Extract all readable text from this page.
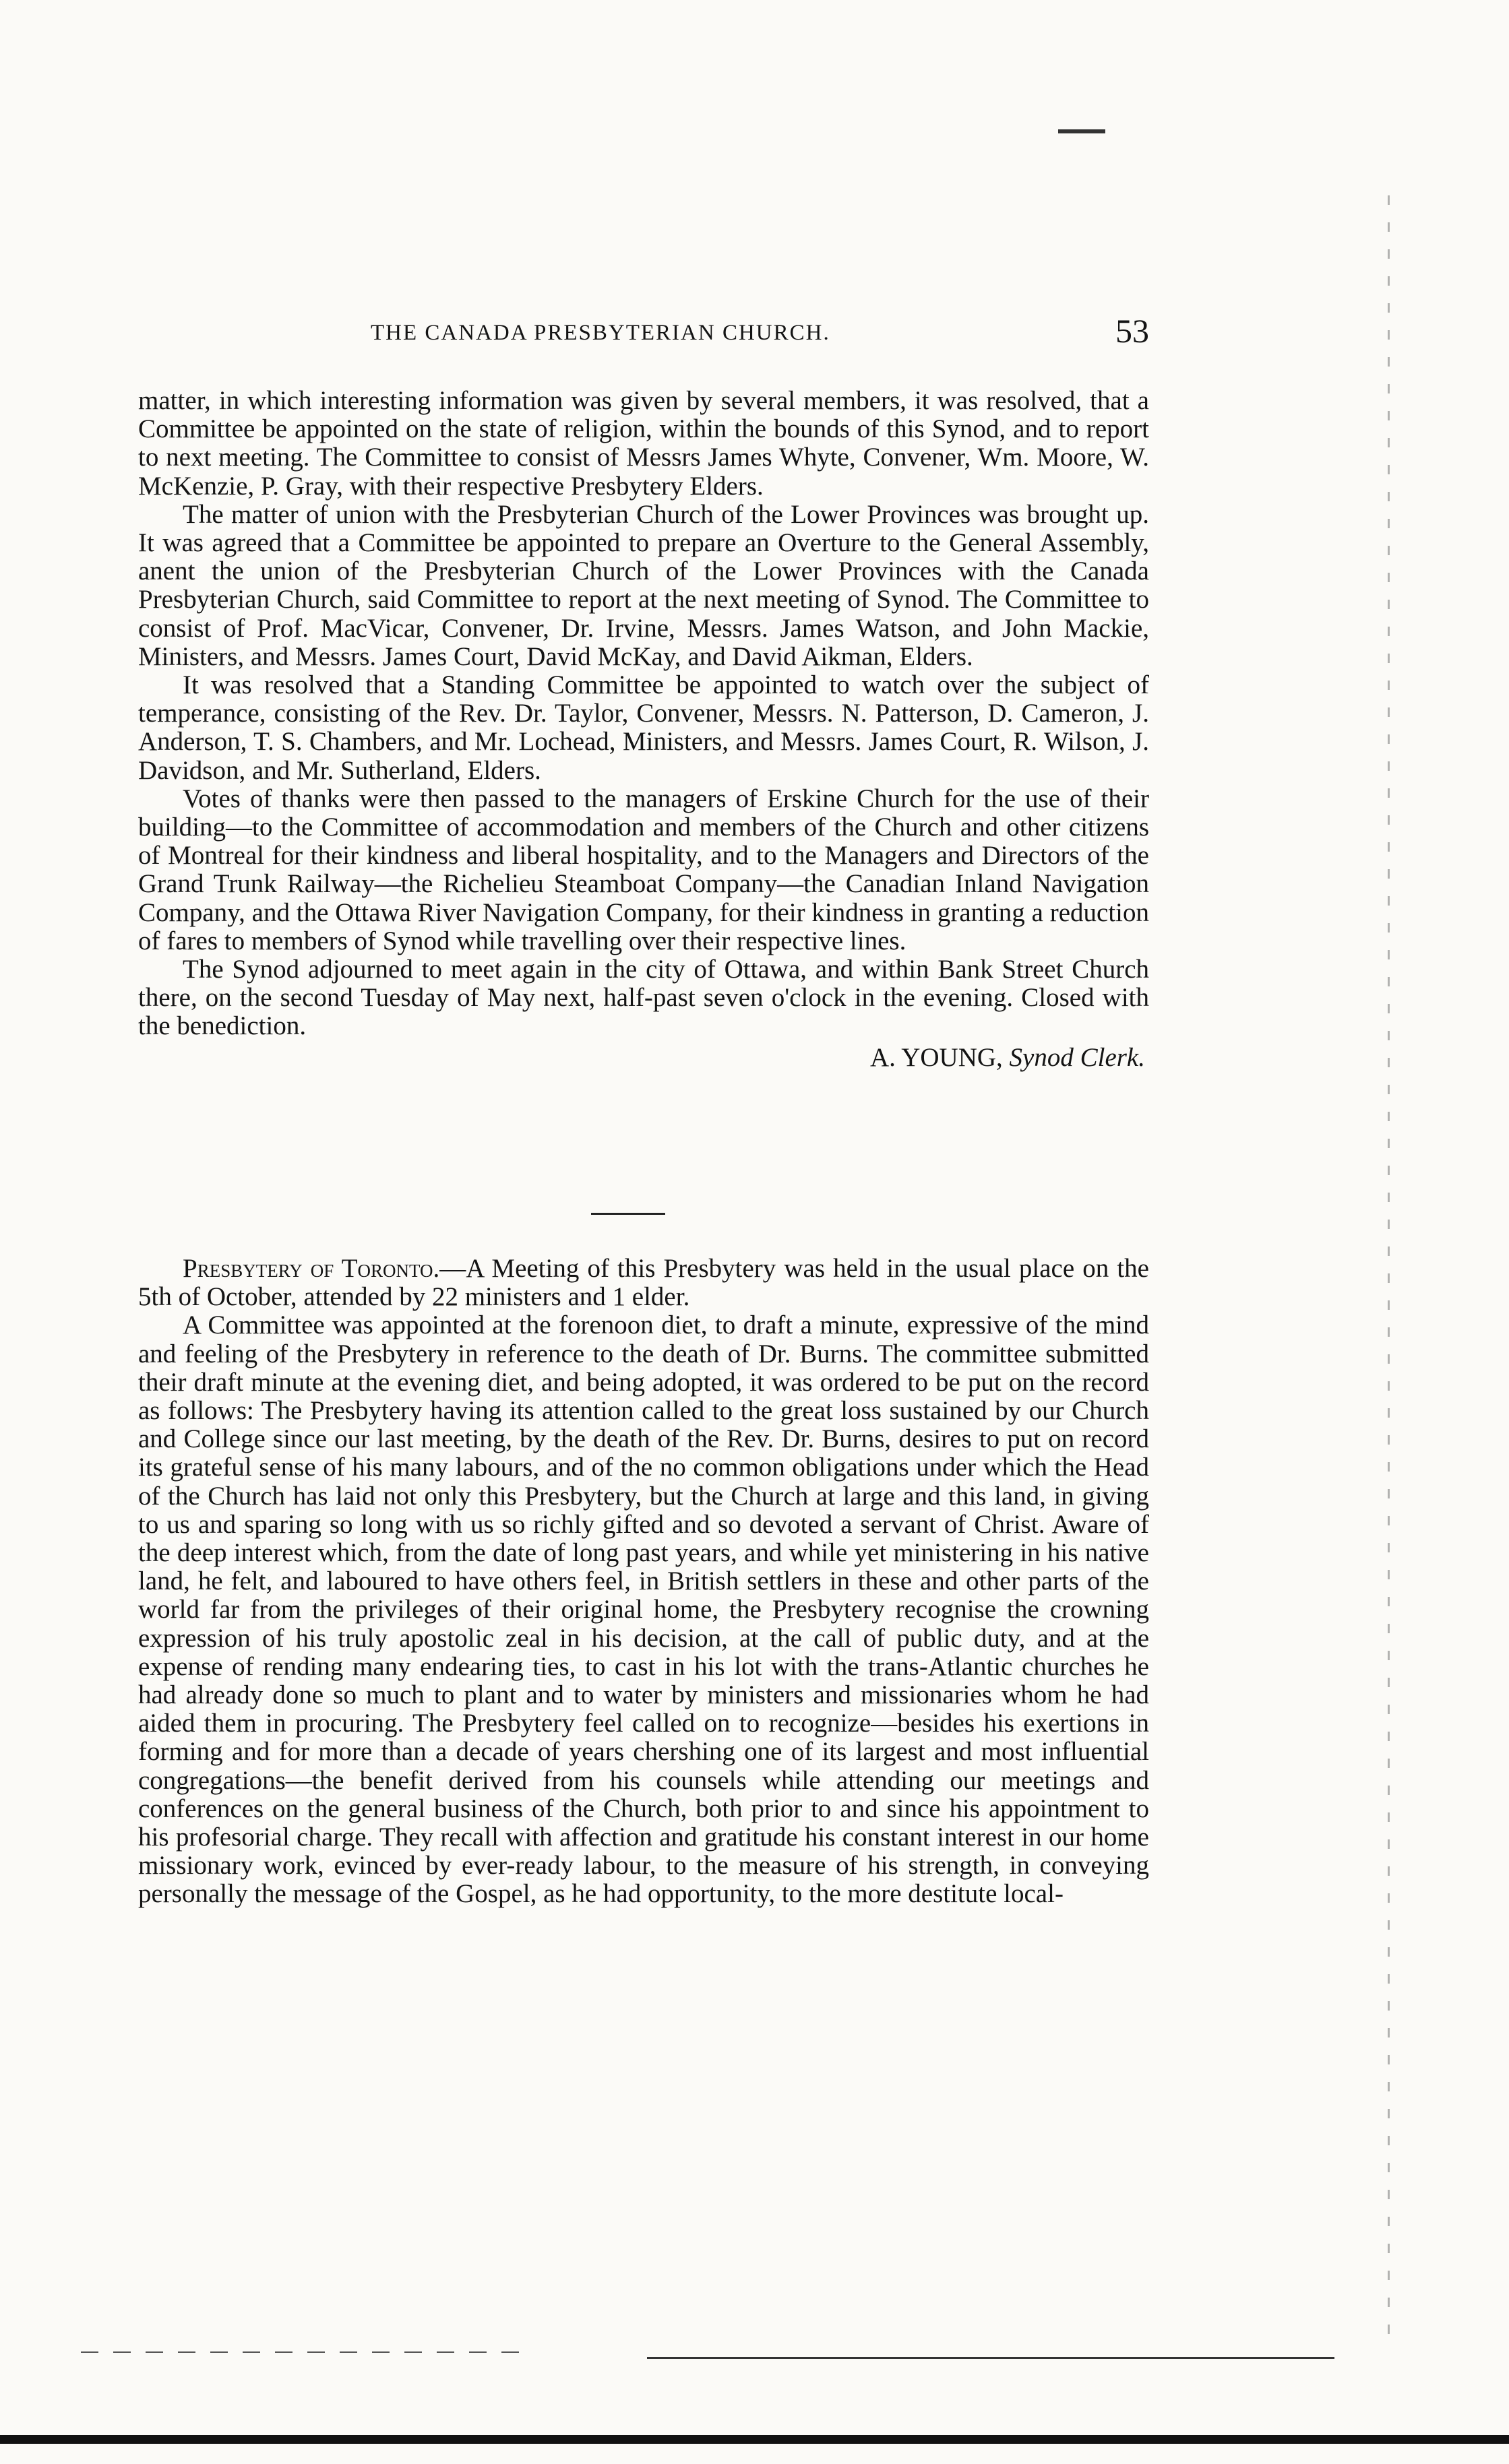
THE CANADA PRESBYTERIAN CHURCH.	53

matter, in which interesting information was given by several members, it was resolved, that a Committee be appointed on the state of religion, within the bounds of this Synod, and to report to next meeting. The Committee to consist of Messrs James Whyte, Convener, Wm. Moore, W. McKenzie, P. Gray, with their respective Presbytery Elders.

The matter of union with the Presbyterian Church of the Lower Provinces was brought up. It was agreed that a Committee be appointed to prepare an Overture to the General Assembly, anent the union of the Presbyterian Church of the Lower Provinces with the Canada Presbyterian Church, said Committee to report at the next meeting of Synod. The Committee to consist of Prof. MacVicar, Convener, Dr. Irvine, Messrs. James Watson, and John Mackie, Ministers, and Messrs. James Court, David McKay, and David Aikman, Elders.

It was resolved that a Standing Committee be appointed to watch over the subject of temperance, consisting of the Rev. Dr. Taylor, Convener, Messrs. N. Patterson, D. Cameron, J. Anderson, T. S. Chambers, and Mr. Lochead, Ministers, and Messrs. James Court, R. Wilson, J. Davidson, and Mr. Sutherland, Elders.

Votes of thanks were then passed to the managers of Erskine Church for the use of their building—to the Committee of accommodation and members of the Church and other citizens of Montreal for their kindness and liberal hospitality, and to the Managers and Directors of the Grand Trunk Railway—the Richelieu Steamboat Company—the Canadian Inland Navigation Company, and the Ottawa River Navigation Company, for their kindness in granting a reduction of fares to members of Synod while travelling over their respective lines.

The Synod adjourned to meet again in the city of Ottawa, and within Bank Street Church there, on the second Tuesday of May next, half-past seven o'clock in the evening. Closed with the benediction.

A. YOUNG, Synod Clerk.

Presbytery of Toronto.—A Meeting of this Presbytery was held in the usual place on the 5th of October, attended by 22 ministers and 1 elder.

A Committee was appointed at the forenoon diet, to draft a minute, expressive of the mind and feeling of the Presbytery in reference to the death of Dr. Burns. The committee submitted their draft minute at the evening diet, and being adopted, it was ordered to be put on the record as follows: The Presbytery having its attention called to the great loss sustained by our Church and College since our last meeting, by the death of the Rev. Dr. Burns, desires to put on record its grateful sense of his many labours, and of the no common obligations under which the Head of the Church has laid not only this Presbytery, but the Church at large and this land, in giving to us and sparing so long with us so richly gifted and so devoted a servant of Christ. Aware of the deep interest which, from the date of long past years, and while yet ministering in his native land, he felt, and laboured to have others feel, in British settlers in these and other parts of the world far from the privileges of their original home, the Presbytery recognise the crowning expression of his truly apostolic zeal in his decision, at the call of public duty, and at the expense of rending many endearing ties, to cast in his lot with the trans-Atlantic churches he had already done so much to plant and to water by ministers and missionaries whom he had aided them in procuring. The Presbytery feel called on to recognize—besides his exertions in forming and for more than a decade of years chershing one of its largest and most influential congregations—the benefit derived from his counsels while attending our meetings and conferences on the general business of the Church, both prior to and since his appointment to his profesorial charge. They recall with affection and gratitude his constant interest in our home missionary work, evinced by ever-ready labour, to the measure of his strength, in conveying personally the message of the Gospel, as he had opportunity, to the more destitute local-
